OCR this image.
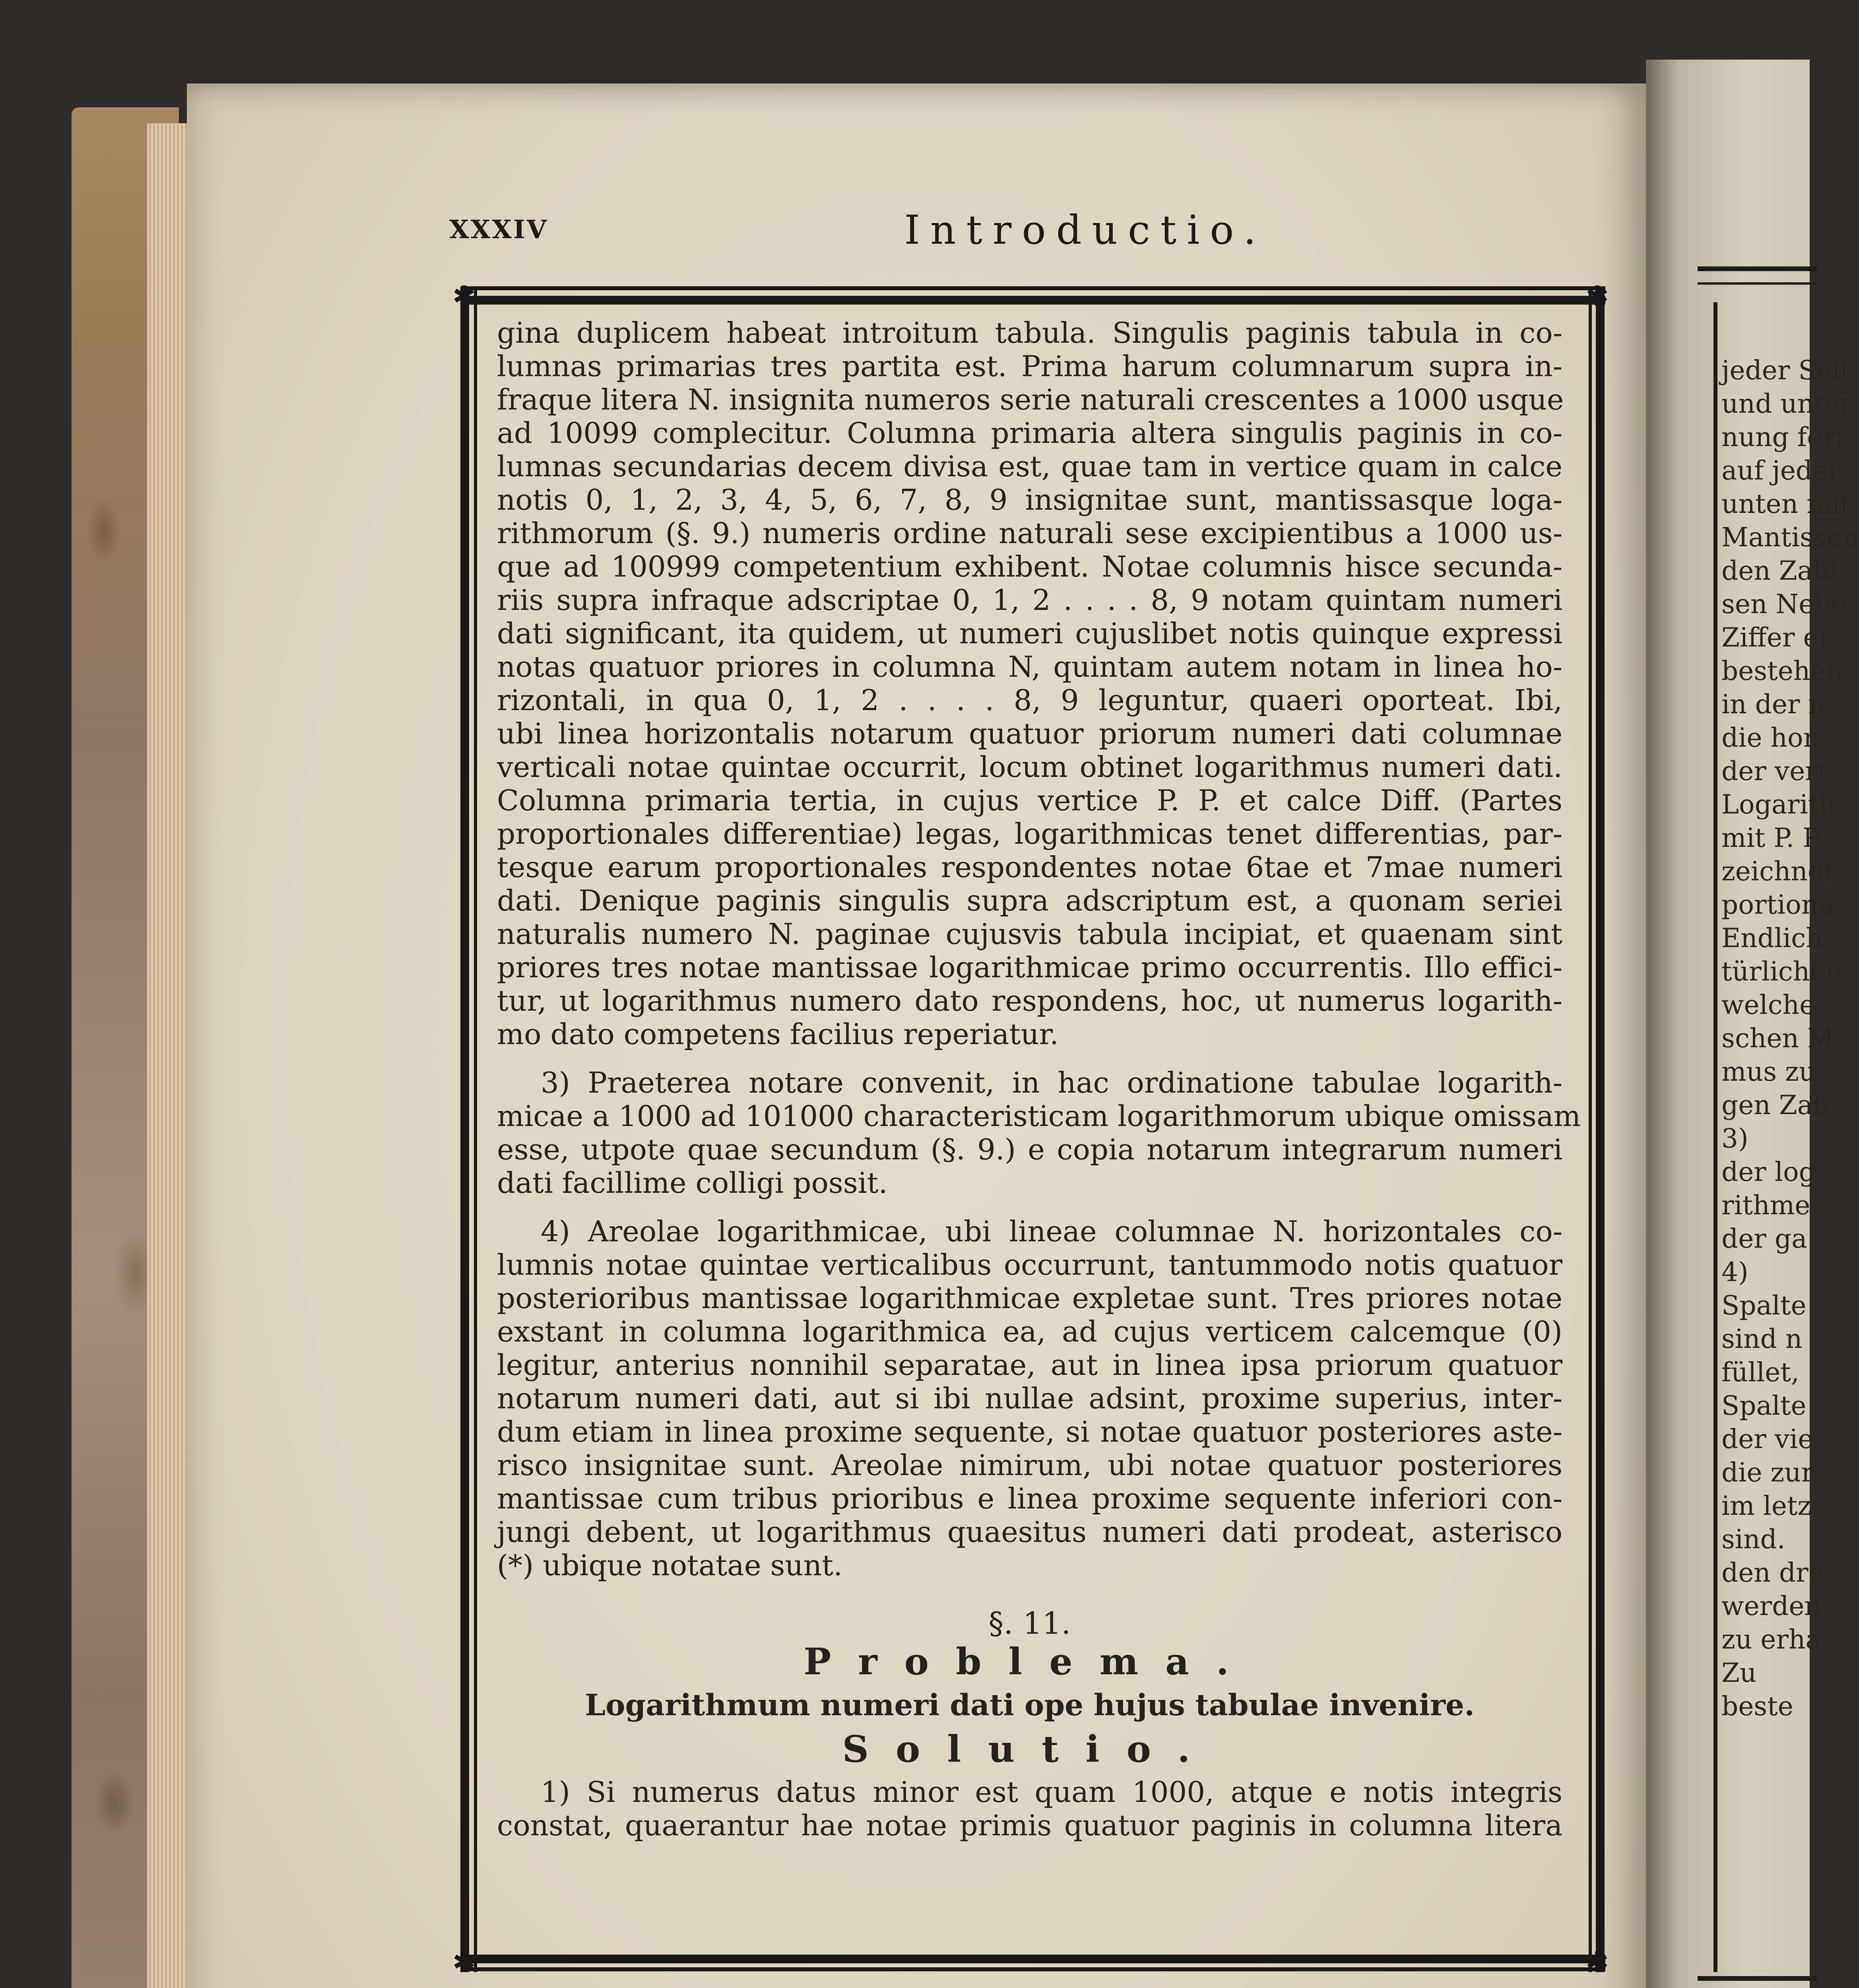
jeder Seit
und unter
nung fort
auf jeder
unten mit
Mantissen
den Zahl
sen Nebe
Ziffer ei
bestehen
in der n
die hor
der vert
Logarith
mit P. P
zeichnet
portiona
Endlich
türlichen
welche
schen M
mus zu
gen Zah
3)
der log
rithme
der ga
4)
Spalte
sind n
füllet,
Spalte
der vie
die zur
im letz
sind.
den dre
werden
zu erha
Zu
beste
XXXIV	Introductio.
✱	✱
✱	✱
gina duplicem habeat introitum tabula. Singulis paginis tabula in co-
lumnas primarias tres partita est. Prima harum columnarum supra in-
fraque litera N. insignita numeros serie naturali crescentes a 1000 usque
ad 10099 complecitur. Columna primaria altera singulis paginis in co-
lumnas secundarias decem divisa est, quae tam in vertice quam in calce
notis 0, 1, 2, 3, 4, 5, 6, 7, 8, 9 insignitae sunt, mantissasque loga-
rithmorum (§. 9.) numeris ordine naturali sese excipientibus a 1000 us-
que ad 100999 competentium exhibent. Notae columnis hisce secunda-
riis supra infraque adscriptae 0, 1, 2 . . . . 8, 9 notam quintam numeri
dati significant, ita quidem, ut numeri cujuslibet notis quinque expressi
notas quatuor priores in columna N, quintam autem notam in linea ho-
rizontali, in qua 0, 1, 2 . . . . 8, 9 leguntur, quaeri oporteat. Ibi,
ubi linea horizontalis notarum quatuor priorum numeri dati columnae
verticali notae quintae occurrit, locum obtinet logarithmus numeri dati.
Columna primaria tertia, in cujus vertice P. P. et calce Diff. (Partes
proportionales differentiae) legas, logarithmicas tenet differentias, par-
tesque earum proportionales respondentes notae 6tae et 7mae numeri
dati. Denique paginis singulis supra adscriptum est, a quonam seriei
naturalis numero N. paginae cujusvis tabula incipiat, et quaenam sint
priores tres notae mantissae logarithmicae primo occurrentis. Illo effici-
tur, ut logarithmus numero dato respondens, hoc, ut numerus logarith-
mo dato competens facilius reperiatur.
3) Praeterea notare convenit, in hac ordinatione tabulae logarith-
micae a 1000 ad 101000 characteristicam logarithmorum ubique omissam
esse, utpote quae secundum (§. 9.) e copia notarum integrarum numeri
dati facillime colligi possit.
4) Areolae logarithmicae, ubi lineae columnae N. horizontales co-
lumnis notae quintae verticalibus occurrunt, tantummodo notis quatuor
posterioribus mantissae logarithmicae expletae sunt. Tres priores notae
exstant in columna logarithmica ea, ad cujus verticem calcemque (0)
legitur, anterius nonnihil separatae, aut in linea ipsa priorum quatuor
notarum numeri dati, aut si ibi nullae adsint, proxime superius, inter-
dum etiam in linea proxime sequente, si notae quatuor posteriores aste-
risco insignitae sunt. Areolae nimirum, ubi notae quatuor posteriores
mantissae cum tribus prioribus e linea proxime sequente inferiori con-
jungi debent, ut logarithmus quaesitus numeri dati prodeat, asterisco
(*) ubique notatae sunt.
§. 11.
Problema.
Logarithmum numeri dati ope hujus tabulae invenire.
Solutio.
1) Si numerus datus minor est quam 1000, atque e notis integris
constat, quaerantur hae notae primis quatuor paginis in columna litera
